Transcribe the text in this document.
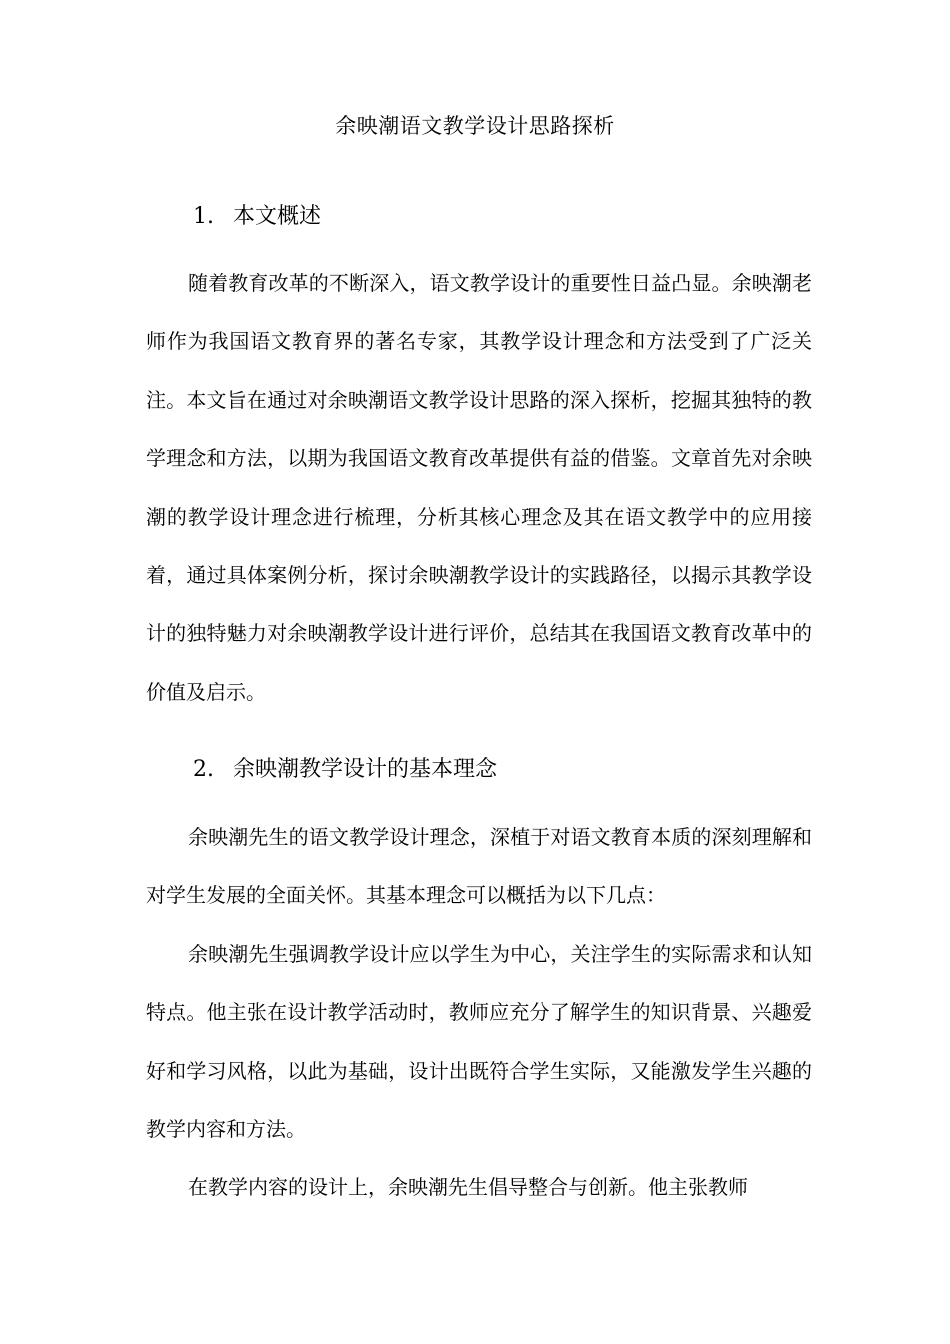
余映潮语文教学设计思路探析
1. 本文概述

随着教育改革的不断深入，语文教学设计的重要性日益凸显。余映潮老师作为我国语文教育界的著名专家，其教学设计理念和方法受到了广泛关注。本文旨在通过对余映潮语文教学设计思路的深入探析，挖掘其独特的教学理念和方法，以期为我国语文教育改革提供有益的借鉴。文章首先对余映潮的教学设计理念进行梳理，分析其核心理念及其在语文教学中的应用接着，通过具体案例分析，探讨余映潮教学设计的实践路径，以揭示其教学设计的独特魅力对余映潮教学设计进行评价，总结其在我国语文教育改革中的价值及启示。

2. 余映潮教学设计的基本理念

余映潮先生的语文教学设计理念，深植于对语文教育本质的深刻理解和对学生发展的全面关怀。其基本理念可以概括为以下几点：

余映潮先生强调教学设计应以学生为中心，关注学生的实际需求和认知特点。他主张在设计教学活动时，教师应充分了解学生的知识背景、兴趣爱好和学习风格，以此为基础，设计出既符合学生实际，又能激发学生兴趣的教学内容和方法。

在教学内容的设计上，余映潮先生倡导整合与创新。他主张教师
